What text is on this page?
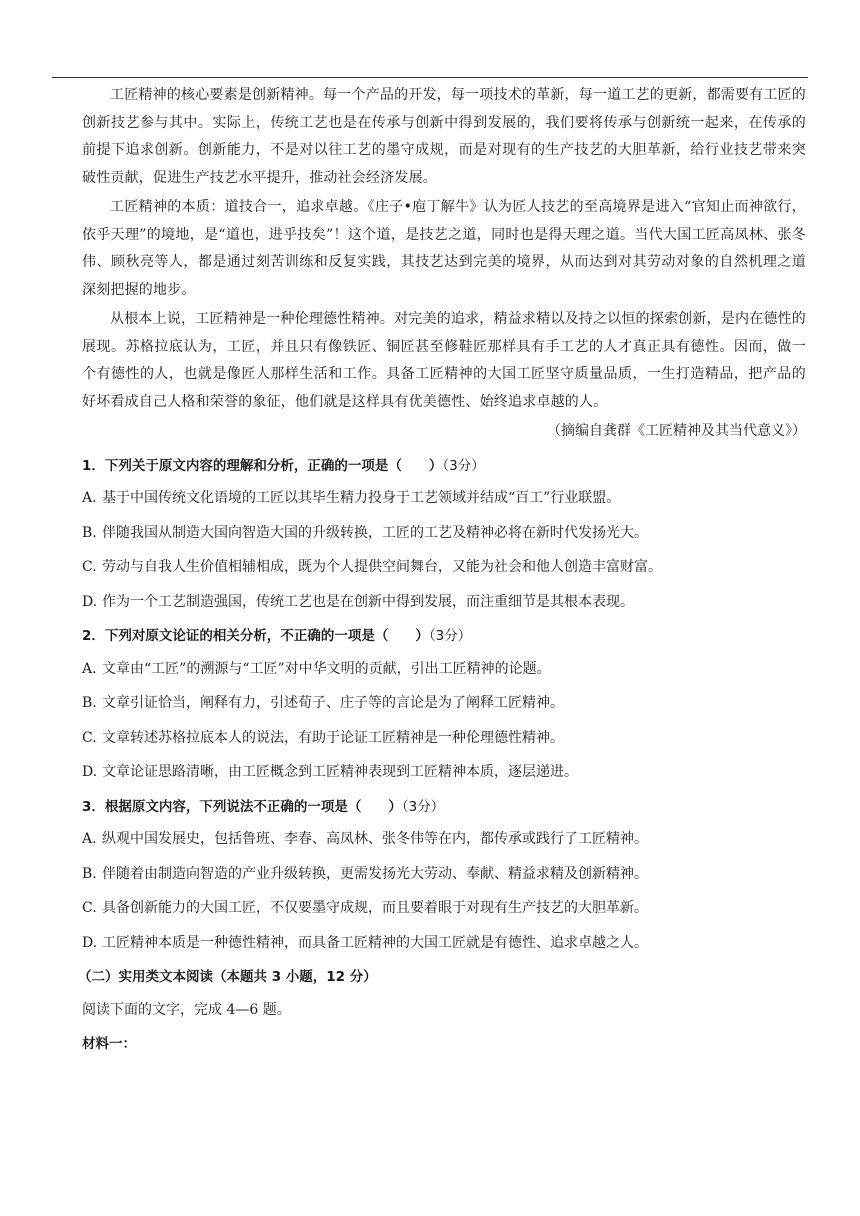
工匠精神的核心要素是创新精神。每一个产品的开发，每一项技术的革新，每一道工艺的更新，都需要有工匠的创新技艺参与其中。实际上，传统工艺也是在传承与创新中得到发展的，我们要将传承与创新统一起来，在传承的前提下追求创新。创新能力，不是对以往工艺的墨守成规，而是对现有的生产技艺的大胆革新，给行业技艺带来突破性贡献，促进生产技艺水平提升，推动社会经济发展。

工匠精神的本质：道技合一，追求卓越。《庄子•庖丁解牛》认为匠人技艺的至高境界是进入“官知止而神欲行，依乎天理”的境地，是“道也，进乎技矣”！这个道，是技艺之道，同时也是得天理之道。当代大国工匠高凤林、张冬伟、顾秋亮等人，都是通过刻苦训练和反复实践，其技艺达到完美的境界，从而达到对其劳动对象的自然机理之道深刻把握的地步。

从根本上说，工匠精神是一种伦理德性精神。对完美的追求，精益求精以及持之以恒的探索创新，是内在德性的展现。苏格拉底认为，工匠，并且只有像铁匠、铜匠甚至修鞋匠那样具有手工艺的人才真正具有德性。因而，做一个有德性的人，也就是像匠人那样生活和工作。具备工匠精神的大国工匠坚守质量品质，一生打造精品，把产品的好坏看成自己人格和荣誉的象征，他们就是这样具有优美德性、始终追求卓越的人。

（摘编自龚群《工匠精神及其当代意义》）

1．下列关于原文内容的理解和分析，正确的一项是（　　）（3分）

A. 基于中国传统文化语境的工匠以其毕生精力投身于工艺领域并结成“百工”行业联盟。

B. 伴随我国从制造大国向智造大国的升级转换，工匠的工艺及精神必将在新时代发扬光大。

C. 劳动与自我人生价值相辅相成，既为个人提供空间舞台，又能为社会和他人创造丰富财富。

D. 作为一个工艺制造强国，传统工艺也是在创新中得到发展，而注重细节是其根本表现。

2．下列对原文论证的相关分析，不正确的一项是（　　）（3分）

A. 文章由“工匠”的溯源与“工匠”对中华文明的贡献，引出工匠精神的论题。

B. 文章引证恰当，阐释有力，引述荀子、庄子等的言论是为了阐释工匠精神。

C. 文章转述苏格拉底本人的说法，有助于论证工匠精神是一种伦理德性精神。

D. 文章论证思路清晰，由工匠概念到工匠精神表现到工匠精神本质，逐层递进。

3．根据原文内容，下列说法不正确的一项是（　　）（3分）

A. 纵观中国发展史，包括鲁班、李春、高凤林、张冬伟等在内，都传承或践行了工匠精神。

B. 伴随着由制造向智造的产业升级转换，更需发扬光大劳动、奉献、精益求精及创新精神。

C. 具备创新能力的大国工匠，不仅要墨守成规，而且要着眼于对现有生产技艺的大胆革新。

D. 工匠精神本质是一种德性精神，而具备工匠精神的大国工匠就是有德性、追求卓越之人。

（二）实用类文本阅读（本题共 3 小题，12 分）

阅读下面的文字，完成 4—6 题。

材料一：
